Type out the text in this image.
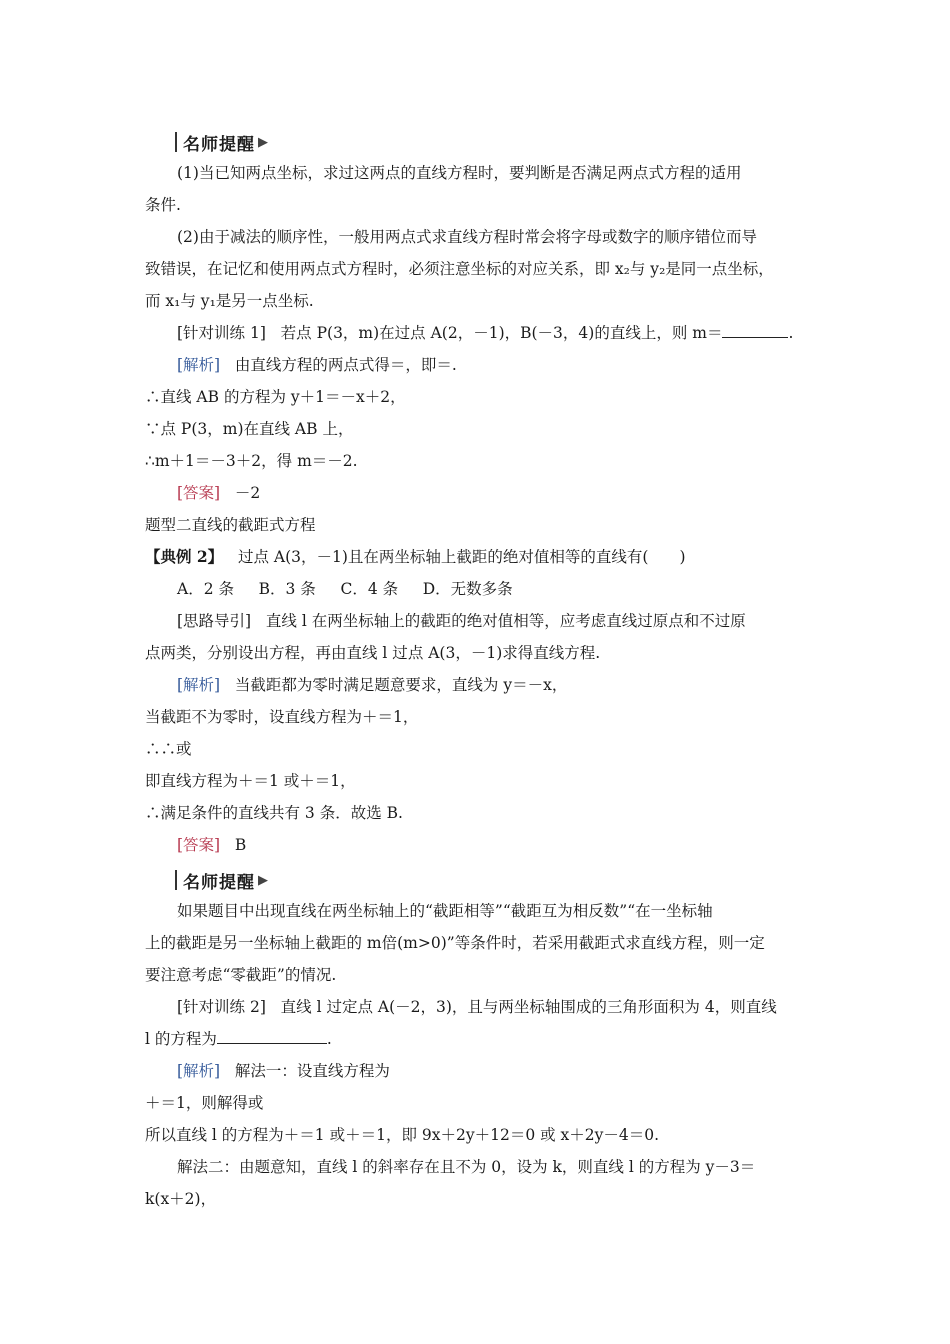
名师提醒 ▶
(1)当已知两点坐标，求过这两点的直线方程时，要判断是否满足两点式方程的适用
条件.
(2)由于减法的顺序性，一般用两点式求直线方程时常会将字母或数字的顺序错位而导
致错误，在记忆和使用两点式方程时，必须注意坐标的对应关系，即 x₂与 y₂是同一点坐标，
而 x₁与 y₁是另一点坐标.
[针对训练 1] 若点 P(3，m)在过点 A(2，－1)，B(－3，4)的直线上，则 m＝	.
[解析] 由直线方程的两点式得＝，即＝.
∴直线 AB 的方程为 y＋1＝－x＋2，
∵点 P(3，m)在直线 AB 上，
∴m＋1＝－3＋2，得 m＝－2.
[答案] －2
题型二直线的截距式方程
【典例 2】 过点 A(3，－1)且在两坐标轴上截距的绝对值相等的直线有(　　)
A．2 条 B．3 条 C．4 条 D．无数多条
[思路导引] 直线 l 在两坐标轴上的截距的绝对值相等，应考虑直线过原点和不过原
点两类，分别设出方程，再由直线 l 过点 A(3，－1)求得直线方程.
[解析] 当截距都为零时满足题意要求，直线为 y＝－x，
当截距不为零时，设直线方程为＋＝1，
∴∴或
即直线方程为＋＝1 或＋＝1，
∴满足条件的直线共有 3 条．故选 B.
[答案] B
名师提醒 ▶
如果题目中出现直线在两坐标轴上的“截距相等”“截距互为相反数”“在一坐标轴
上的截距是另一坐标轴上截距的 m倍(m>0)”等条件时，若采用截距式求直线方程，则一定
要注意考虑“零截距”的情况.
[针对训练 2] 直线 l 过定点 A(－2，3)，且与两坐标轴围成的三角形面积为 4，则直线
l 的方程为	.
[解析] 解法一：设直线方程为
＋＝1，则解得或
所以直线 l 的方程为＋＝1 或＋＝1，即 9x＋2y＋12＝0 或 x＋2y－4＝0.
解法二：由题意知，直线 l 的斜率存在且不为 0，设为 k，则直线 l 的方程为 y－3＝
k(x＋2)，
